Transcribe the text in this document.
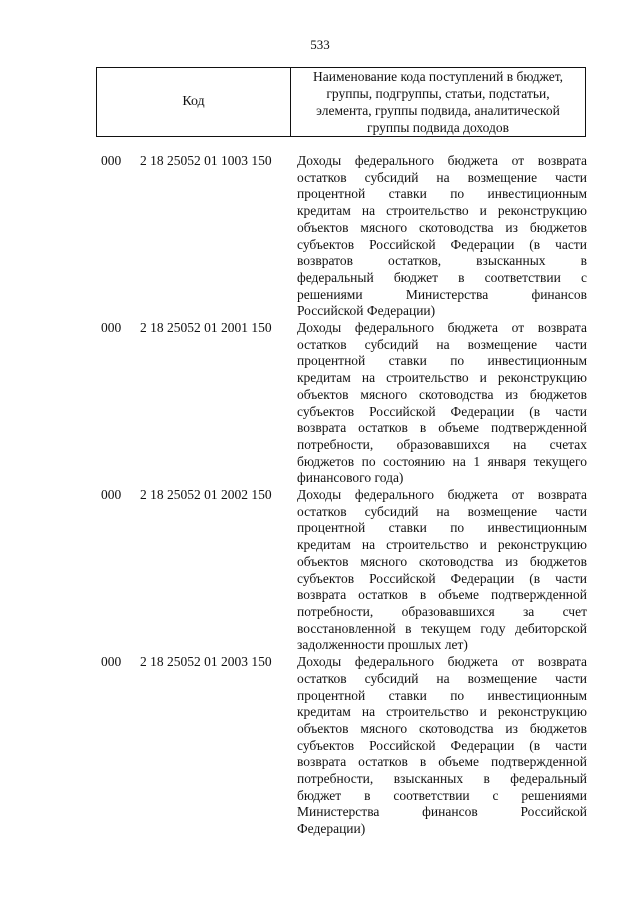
533
Код
Наименование кода поступлений в бюджет,
группы, подгруппы, статьи, подстатьи,
элемента, группы подвида, аналитической
группы подвида доходов
000 2 18 25052 01 1003 150 Доходы федерального бюджета от возврата
остатков субсидий на возмещение части
процентной ставки по инвестиционным
кредитам на строительство и реконструкцию
объектов мясного скотоводства из бюджетов
субъектов Российской Федерации (в части
возвратов остатков, взысканных в
федеральный бюджет в соответствии с
решениями Министерства финансов
Российской Федерации)
000 2 18 25052 01 2001 150 Доходы федерального бюджета от возврата
остатков субсидий на возмещение части
процентной ставки по инвестиционным
кредитам на строительство и реконструкцию
объектов мясного скотоводства из бюджетов
субъектов Российской Федерации (в части
возврата остатков в объеме подтвержденной
потребности, образовавшихся на счетах
бюджетов по состоянию на 1 января текущего
финансового года)
000 2 18 25052 01 2002 150 Доходы федерального бюджета от возврата
остатков субсидий на возмещение части
процентной ставки по инвестиционным
кредитам на строительство и реконструкцию
объектов мясного скотоводства из бюджетов
субъектов Российской Федерации (в части
возврата остатков в объеме подтвержденной
потребности, образовавшихся за счет
восстановленной в текущем году дебиторской
задолженности прошлых лет)
000 2 18 25052 01 2003 150 Доходы федерального бюджета от возврата
остатков субсидий на возмещение части
процентной ставки по инвестиционным
кредитам на строительство и реконструкцию
объектов мясного скотоводства из бюджетов
субъектов Российской Федерации (в части
возврата остатков в объеме подтвержденной
потребности, взысканных в федеральный
бюджет в соответствии с решениями
Министерства финансов Российской
Федерации)
